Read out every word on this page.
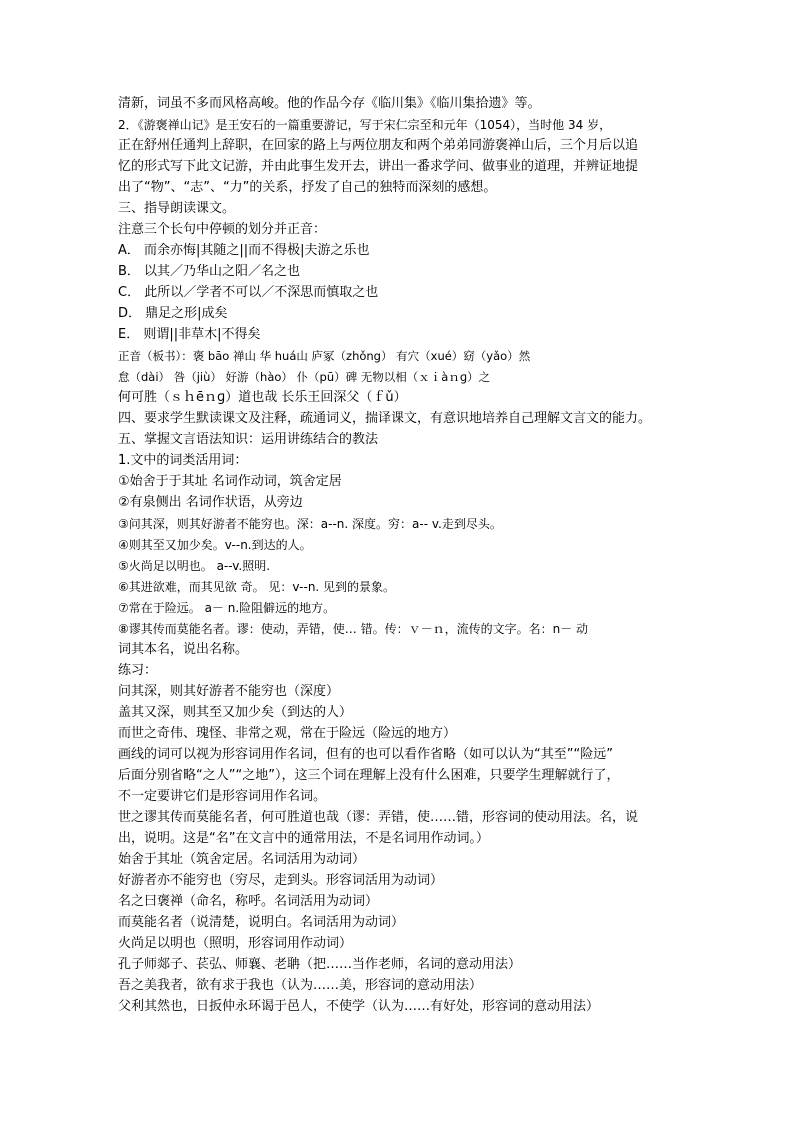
清新，词虽不多而风格高峻。他的作品今存《临川集》《临川集拾遗》等。
2．《游褒禅山记》是王安石的一篇重要游记，写于宋仁宗至和元年（1054），当时他 34 岁，
正在舒州任通判上辞职，在回家的路上与两位朋友和两个弟弟同游褒禅山后，三个月后以追
忆的形式写下此文记游，并由此事生发开去，讲出一番求学问、做事业的道理，并辨证地提
出了“物”、“志”、“力”的关系，抒发了自己的独特而深刻的感想。
三、指导朗读课文。
注意三个长句中停顿的划分并正音：
A． 而余亦悔|其随之||而不得极|夫游之乐也
B． 以其／乃华山之阳／名之也
C． 此所以／学者不可以／不深思而慎取之也
D． 鼎足之形|成矣
E． 则谓||非草木|不得矣
正音（板书）：褒 bāo 禅山 华 huá山 庐冢（zhǒng） 有穴（xué）窈（yǎo）然
怠（dài） 咎（jiù） 好游（hào） 仆（pū）碑 无物以相（ｘｉàｎɡ）之
何可胜（ｓｈēｎɡ）道也哉 长乐王回深父（ｆǔ）
四、要求学生默读课文及注释，疏通词义，揣译课文，有意识地培养自己理解文言文的能力。
五、掌握文言语法知识：运用讲练结合的教法
1.文中的词类活用词：
①始舍于于其址 名词作动词，筑舍定居
②有泉侧出 名词作状语，从旁边
③问其深，则其好游者不能穷也。深：a--n. 深度。穷：a-- v.走到尽头。
④则其至又加少矣。v--n.到达的人。
⑤火尚足以明也。 a--v.照明.
⑥其进欲难，而其见欲 奇。 见：v--n. 见到的景象。
⑦常在于险远。 a－ n.险阻僻远的地方。
⑧谬其传而莫能名者。谬：使动，弄错，使… 错。传：ｖ－ｎ，流传的文字。名：n－ 动
词其本名，说出名称。
练习：
问其深，则其好游者不能穷也（深度）
盖其又深，则其至又加少矣（到达的人）
而世之奇伟、瑰怪、非常之观，常在于险远（险远的地方）
画线的词可以视为形容词用作名词，但有的也可以看作省略（如可以认为“其至”“险远”
后面分别省略“之人”“之地”），这三个词在理解上没有什么困难，只要学生理解就行了，
不一定要讲它们是形容词用作名词。
世之谬其传而莫能名者，何可胜道也哉（谬：弄错，使……错，形容词的使动用法。名，说
出，说明。这是“名”在文言中的通常用法，不是名词用作动词。）
始舍于其址（筑舍定居。名词活用为动词）
好游者亦不能穷也（穷尽，走到头。形容词活用为动词）
名之曰褒禅（命名，称呼。名词活用为动词）
而莫能名者（说清楚，说明白。名词活用为动词）
火尚足以明也（照明，形容词用作动词）
孔子师郯子、苌弘、师襄、老聃（把……当作老师，名词的意动用法）
吾之美我者，欲有求于我也（认为……美，形容词的意动用法）
父利其然也，日扳仲永环谒于邑人，不使学（认为……有好处，形容词的意动用法）
